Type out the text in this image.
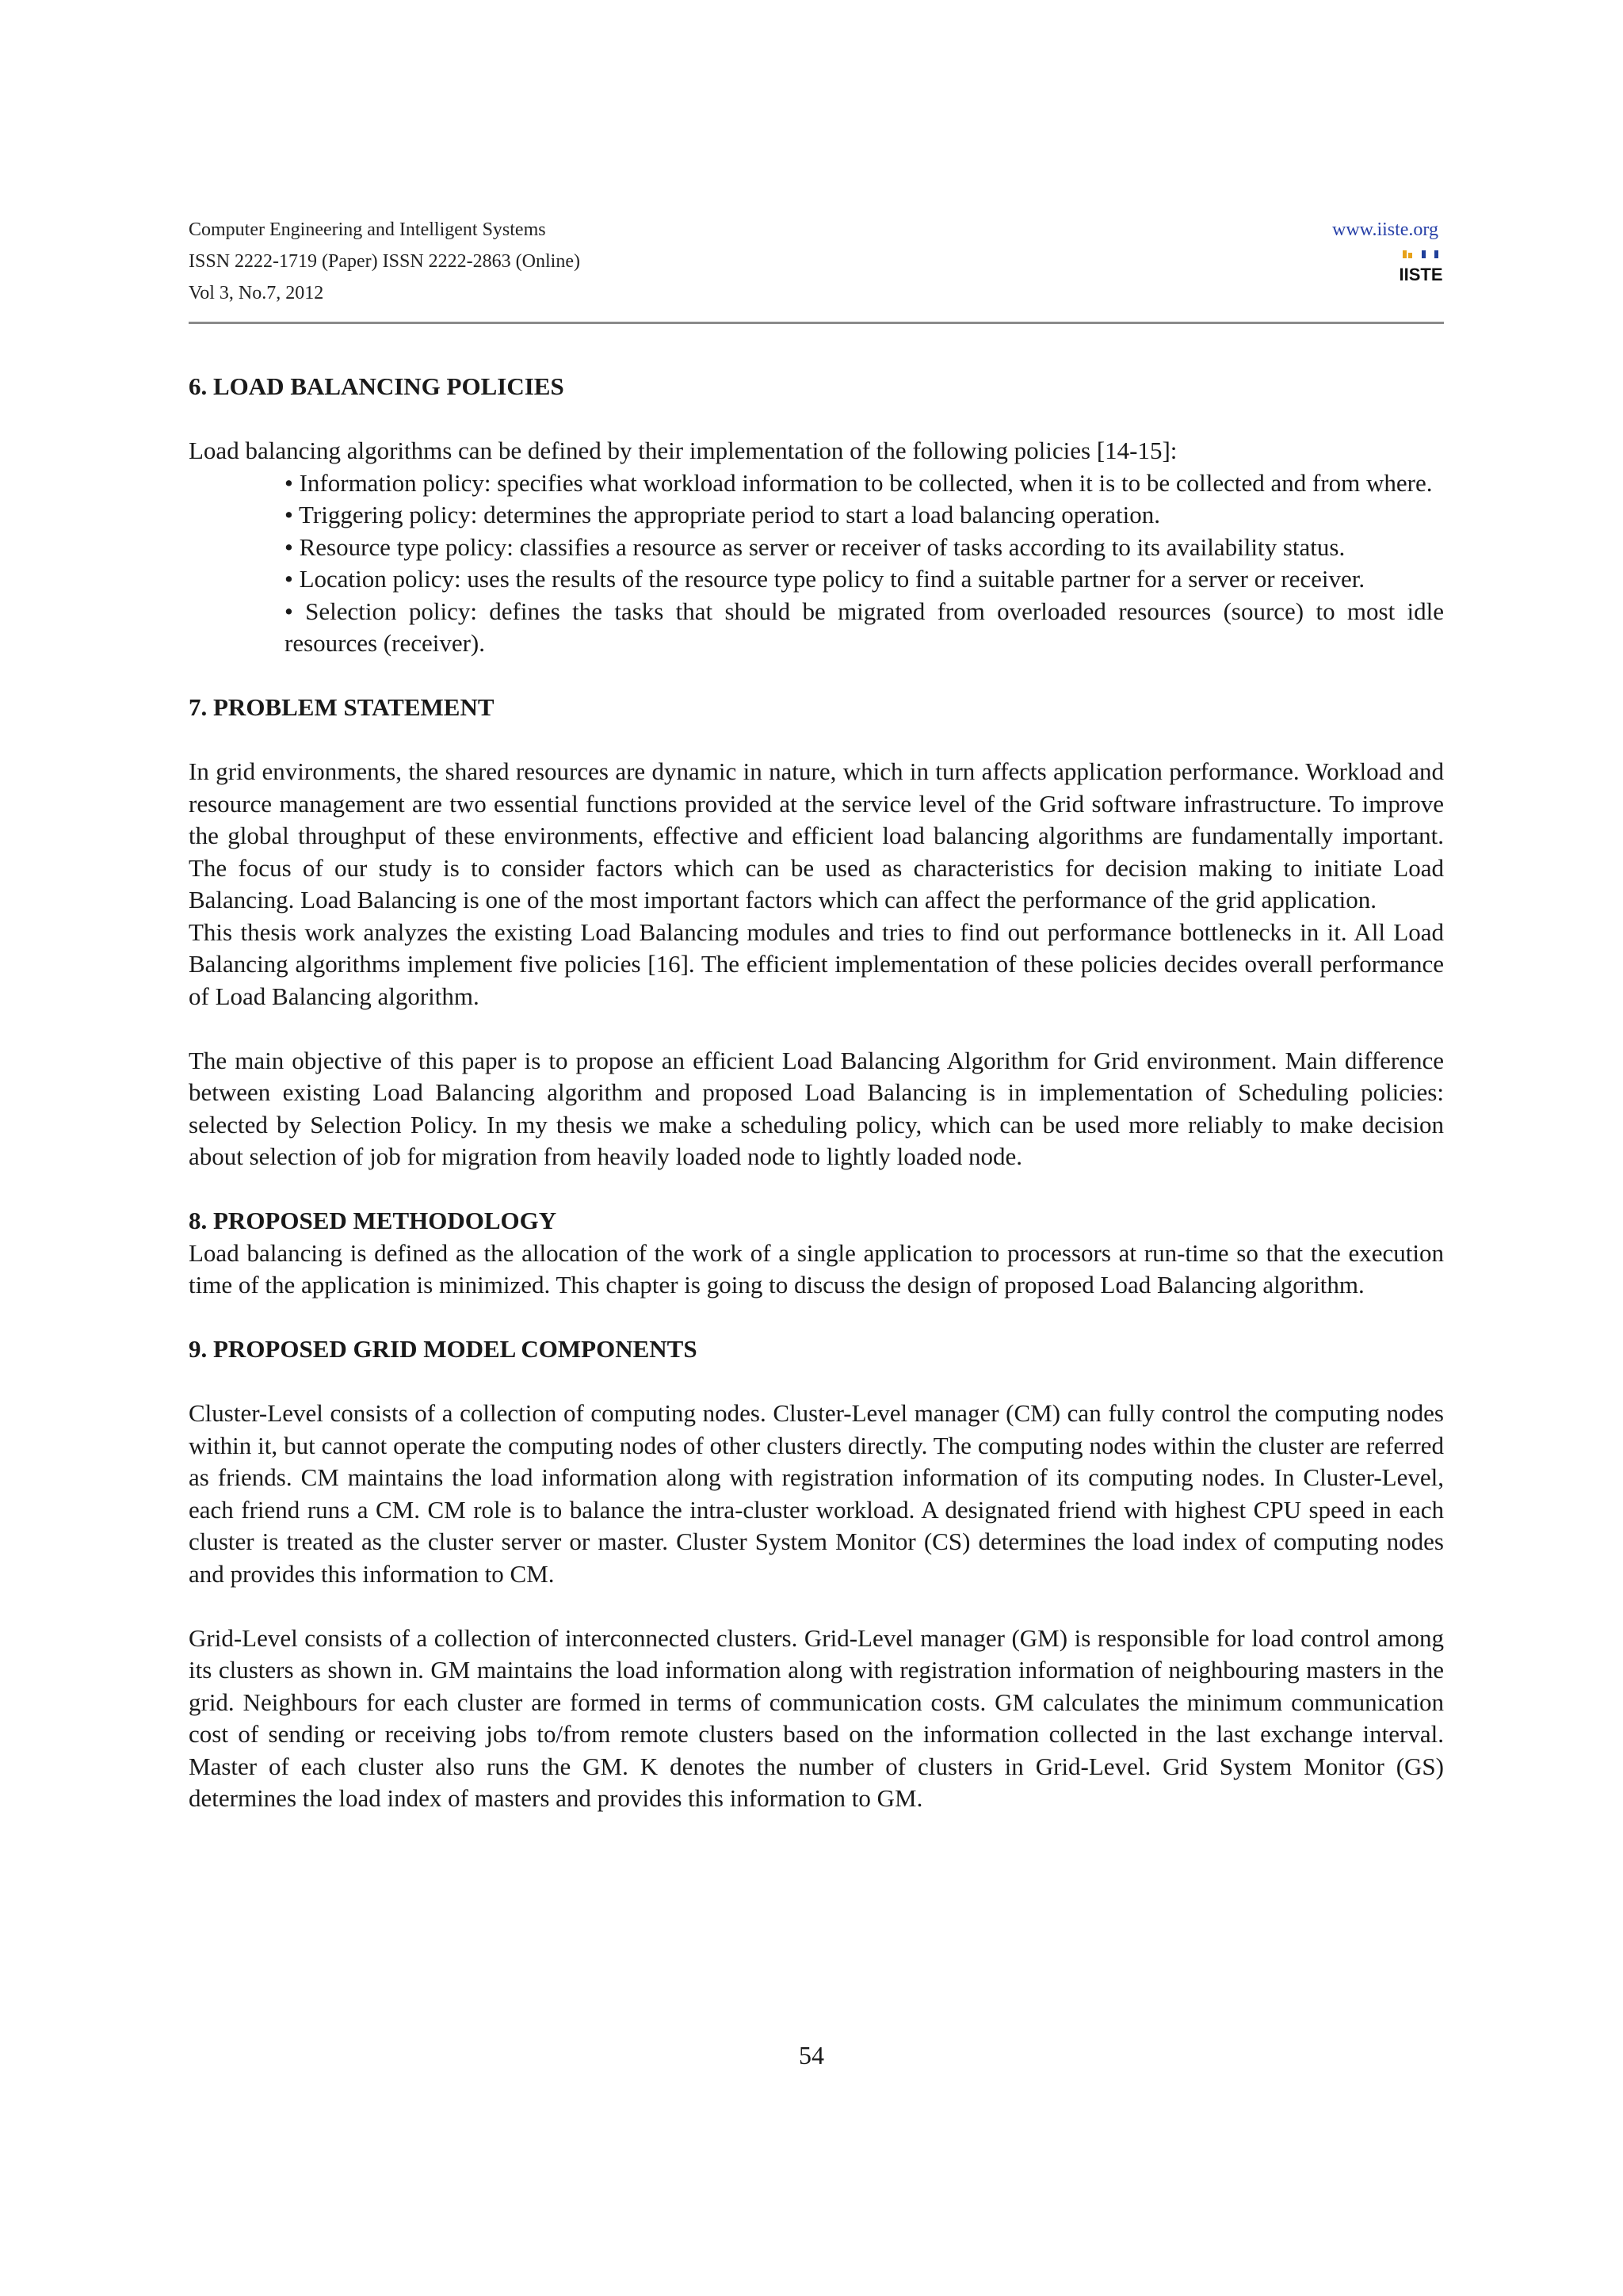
Computer Engineering and Intelligent Systems
ISSN 2222-1719 (Paper) ISSN 2222-2863 (Online)
Vol 3, No.7, 2012
www.iiste.org
IISTE
6. LOAD BALANCING POLICIES

Load balancing algorithms can be defined by their implementation of the following policies [14-15]:

• Information policy: specifies what workload information to be collected, when it is to be collected and from where.
• Triggering policy: determines the appropriate period to start a load balancing operation.
• Resource type policy: classifies a resource as server or receiver of tasks according to its availability status.
• Location policy: uses the results of the resource type policy to find a suitable partner for a server or receiver.
• Selection policy: defines the tasks that should be migrated from overloaded resources (source) to most idle resources (receiver).
7. PROBLEM STATEMENT

In grid environments, the shared resources are dynamic in nature, which in turn affects application performance. Workload and resource management are two essential functions provided at the service level of the Grid software infrastructure. To improve the global throughput of these environments, effective and efficient load balancing algorithms are fundamentally important. The focus of our study is to consider factors which can be used as characteristics for decision making to initiate Load Balancing. Load Balancing is one of the most important factors which can affect the performance of the grid application.

This thesis work analyzes the existing Load Balancing modules and tries to find out performance bottlenecks in it. All Load Balancing algorithms implement five policies [16]. The efficient implementation of these policies decides overall performance of Load Balancing algorithm.

The main objective of this paper is to propose an efficient Load Balancing Algorithm for Grid environment. Main difference between existing Load Balancing algorithm and proposed Load Balancing is in implementation of Scheduling policies: selected by Selection Policy. In my thesis we make a scheduling policy, which can be used more reliably to make decision about selection of job for migration from heavily loaded node to lightly loaded node.

8. PROPOSED METHODOLOGY

Load balancing is defined as the allocation of the work of a single application to processors at run-time so that the execution time of the application is minimized. This chapter is going to discuss the design of proposed Load Balancing algorithm.

9. PROPOSED GRID MODEL COMPONENTS

Cluster-Level consists of a collection of computing nodes. Cluster-Level manager (CM) can fully control the computing nodes within it, but cannot operate the computing nodes of other clusters directly. The computing nodes within the cluster are referred as friends. CM maintains the load information along with registration information of its computing nodes. In Cluster-Level, each friend runs a CM. CM role is to balance the intra-cluster workload. A designated friend with highest CPU speed in each cluster is treated as the cluster server or master. Cluster System Monitor (CS) determines the load index of computing nodes and provides this information to CM.

Grid-Level consists of a collection of interconnected clusters. Grid-Level manager (GM) is responsible for load control among its clusters as shown in. GM maintains the load information along with registration information of neighbouring masters in the grid. Neighbours for each cluster are formed in terms of communication costs. GM calculates the minimum communication cost of sending or receiving jobs to/from remote clusters based on the information collected in the last exchange interval. Master of each cluster also runs the GM. K denotes the number of clusters in Grid-Level. Grid System Monitor (GS) determines the load index of masters and provides this information to GM.

54
